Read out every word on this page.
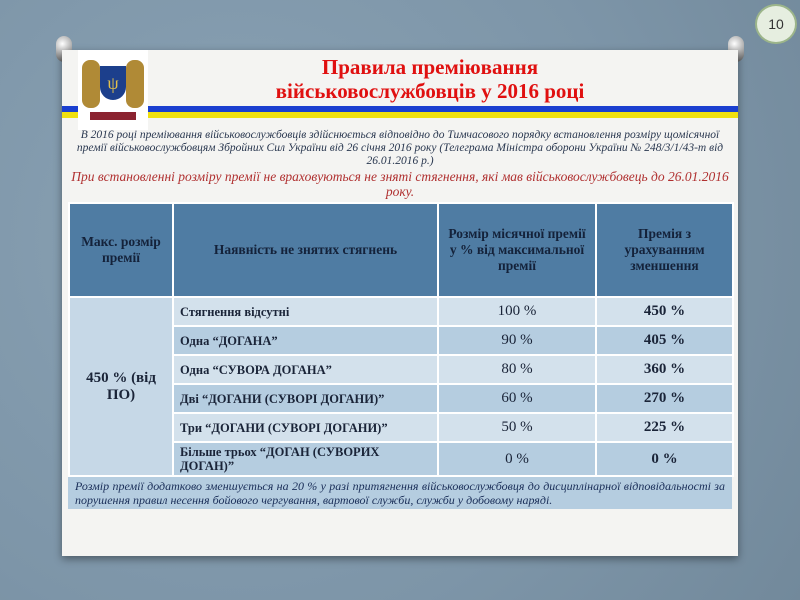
10
ψ
Правила преміювання
військовослужбовців у 2016 році
В 2016 році преміювання військовослужбовців здійснюється відповідно до Тимчасового порядку встановлення розміру щомісячної премії військовослужбовцям Збройних Сил України від 26 січня 2016 року (Телеграма Міністра оборони України № 248/3/1/43-т від 26.01.2016 р.)
При встановленні розміру премії не враховуються не зняті стягнення, які мав військовослужбовець до 26.01.2016 року.
Макс. розмір премії	Наявність не знятих стягнень	Розмір місячної премії у % від максимальної премії	Премія з урахуванням зменшення
450 % (від ПО)	Стягнення відсутні	100 %	450 %
	Одна “ДОГАНА”	90 %	405 %
	Одна “СУВОРА ДОГАНА”	80 %	360 %
	Дві “ДОГАНИ (СУВОРІ ДОГАНИ)”	60 %	270 %
	Три “ДОГАНИ (СУВОРІ ДОГАНИ)”	50 %	225 %
	Більше трьох “ДОГАН (СУВОРИХ ДОГАН)”	0 %	0 %
Розмір премії додатково зменшується на 20 % у разі притягнення військовослужбовця до дисциплінарної відповідальності за порушення правил несення бойового чергування, вартової служби, служби у добовому наряді.
